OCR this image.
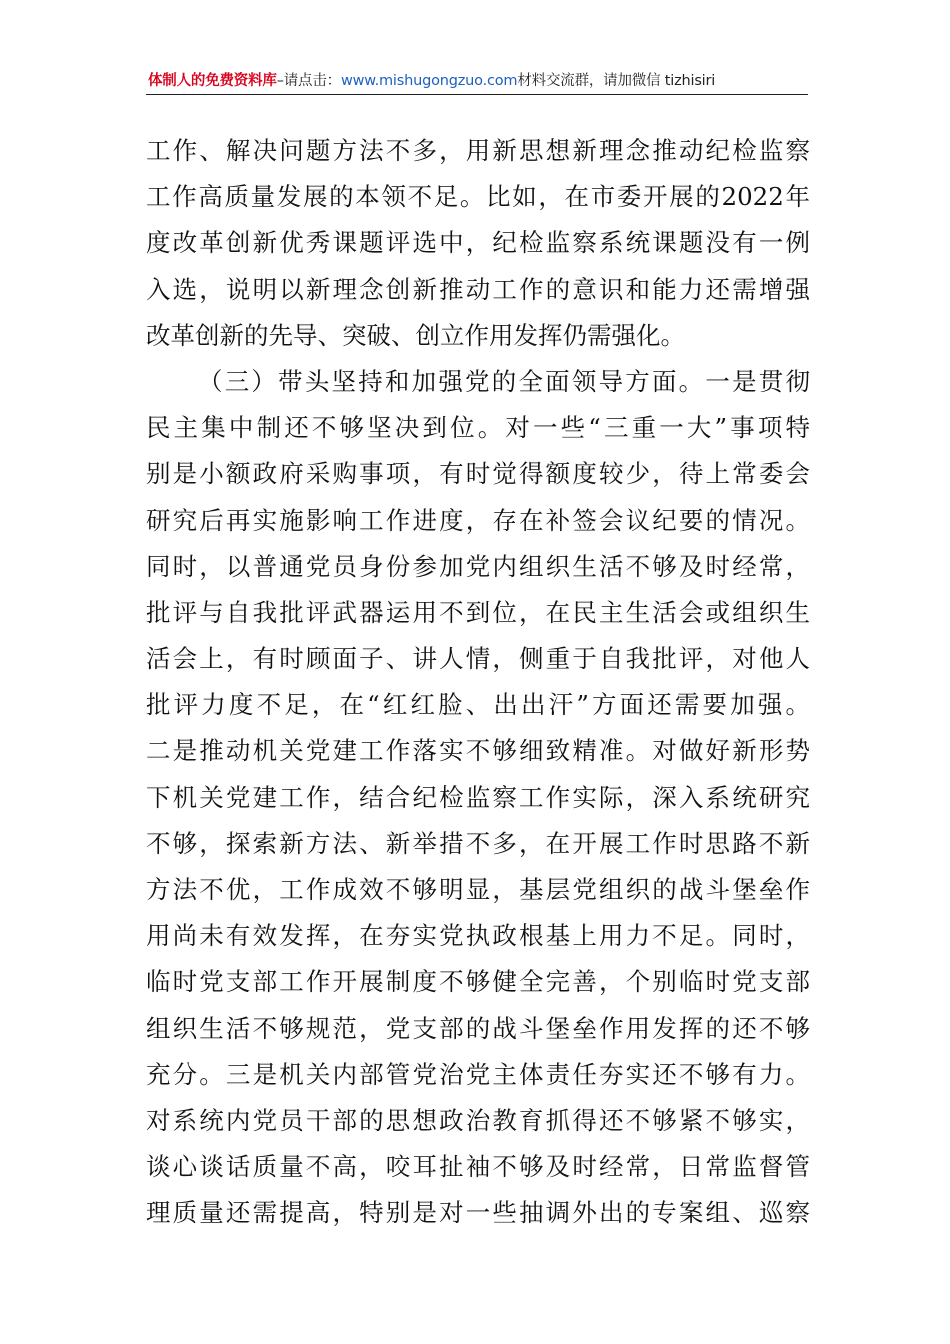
体制人的免费资料库–请点击：www.mishugongzuo.com材料交流群，请加微信 tizhisiri
工作、解决问题方法不多，用新思想新理念推动纪检监察
工作高质量发展的本领不足。比如，在市委开展的2022年
度改革创新优秀课题评选中，纪检监察系统课题没有一例
入选，说明以新理念创新推动工作的意识和能力还需增强
改革创新的先导、突破、创立作用发挥仍需强化。
（三）带头坚持和加强党的全面领导方面。一是贯彻
民主集中制还不够坚决到位。对一些“三重一大”事项特
别是小额政府采购事项，有时觉得额度较少，待上常委会
研究后再实施影响工作进度，存在补签会议纪要的情况。
同时，以普通党员身份参加党内组织生活不够及时经常，
批评与自我批评武器运用不到位，在民主生活会或组织生
活会上，有时顾面子、讲人情，侧重于自我批评，对他人
批评力度不足，在“红红脸、出出汗”方面还需要加强。
二是推动机关党建工作落实不够细致精准。对做好新形势
下机关党建工作，结合纪检监察工作实际，深入系统研究
不够，探索新方法、新举措不多，在开展工作时思路不新
方法不优，工作成效不够明显，基层党组织的战斗堡垒作
用尚未有效发挥，在夯实党执政根基上用力不足。同时，
临时党支部工作开展制度不够健全完善，个别临时党支部
组织生活不够规范，党支部的战斗堡垒作用发挥的还不够
充分。三是机关内部管党治党主体责任夯实还不够有力。
对系统内党员干部的思想政治教育抓得还不够紧不够实，
谈心谈话质量不高，咬耳扯袖不够及时经常，日常监督管
理质量还需提高，特别是对一些抽调外出的专案组、巡察
